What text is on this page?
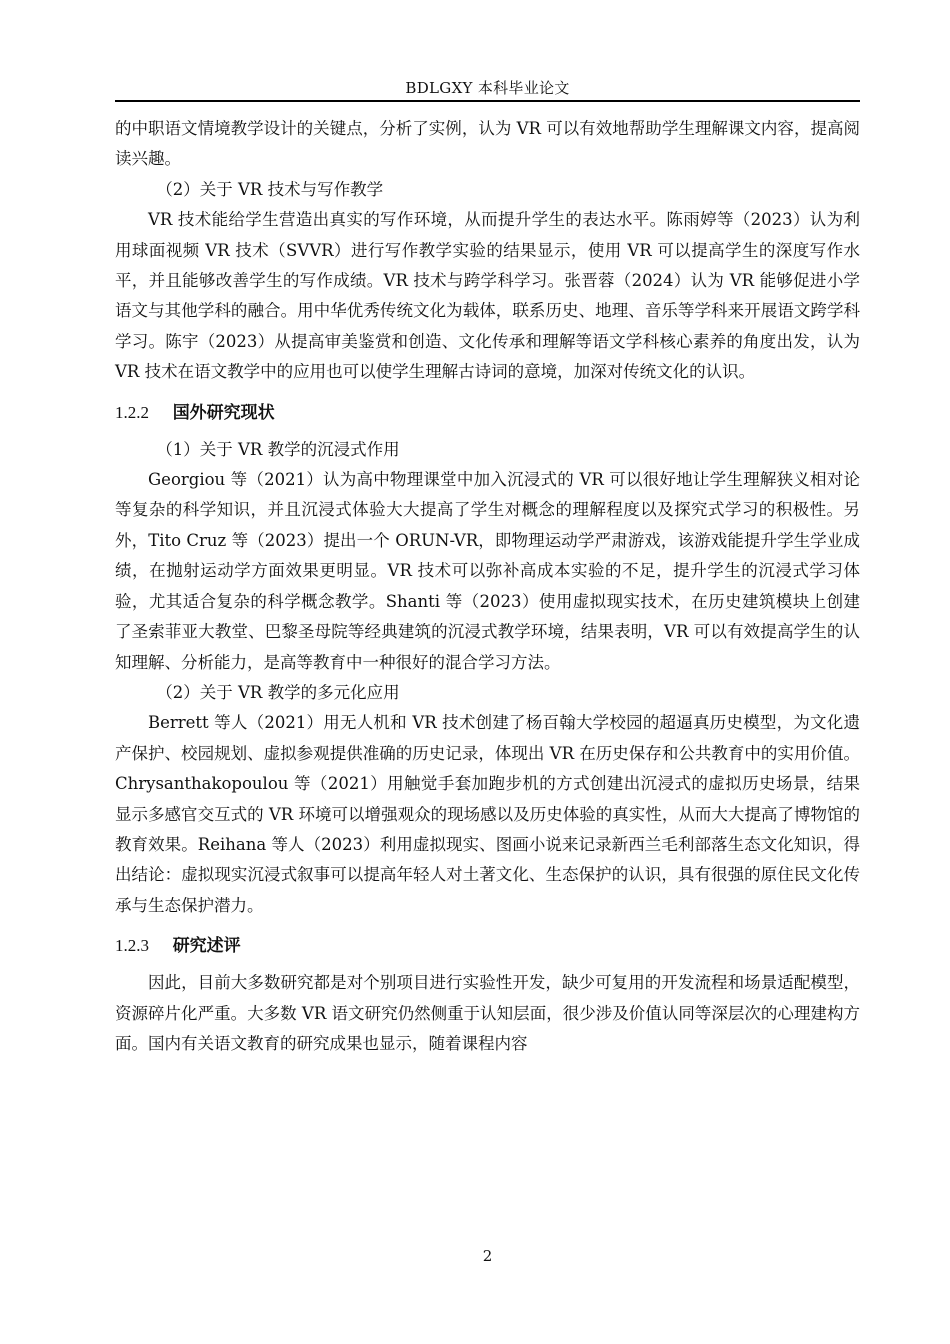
BDLGXY 本科毕业论文

的中职语文情境教学设计的关键点，分析了实例，认为 VR 可以有效地帮助学生理解课文内容，提高阅读兴趣。

（2）关于 VR 技术与写作教学

VR 技术能给学生营造出真实的写作环境，从而提升学生的表达水平。陈雨婷等（2023）认为利用球面视频 VR 技术（SVVR）进行写作教学实验的结果显示，使用 VR 可以提高学生的深度写作水平，并且能够改善学生的写作成绩。VR 技术与跨学科学习。张晋蓉（2024）认为 VR 能够促进小学语文与其他学科的融合。用中华优秀传统文化为载体，联系历史、地理、音乐等学科来开展语文跨学科学习。陈宇（2023）从提高审美鉴赏和创造、文化传承和理解等语文学科核心素养的角度出发，认为 VR 技术在语文教学中的应用也可以使学生理解古诗词的意境，加深对传统文化的认识。

1.2.2 国外研究现状

（1）关于 VR 教学的沉浸式作用

Georgiou 等（2021）认为高中物理课堂中加入沉浸式的 VR 可以很好地让学生理解狭义相对论等复杂的科学知识，并且沉浸式体验大大提高了学生对概念的理解程度以及探究式学习的积极性。另外，Tito Cruz 等（2023）提出一个 ORUN-VR，即物理运动学严肃游戏，该游戏能提升学生学业成绩，在抛射运动学方面效果更明显。VR 技术可以弥补高成本实验的不足，提升学生的沉浸式学习体验，尤其适合复杂的科学概念教学。Shanti 等（2023）使用虚拟现实技术，在历史建筑模块上创建了圣索菲亚大教堂、巴黎圣母院等经典建筑的沉浸式教学环境，结果表明，VR 可以有效提高学生的认知理解、分析能力，是高等教育中一种很好的混合学习方法。

（2）关于 VR 教学的多元化应用

Berrett 等人（2021）用无人机和 VR 技术创建了杨百翰大学校园的超逼真历史模型，为文化遗产保护、校园规划、虚拟参观提供准确的历史记录，体现出 VR 在历史保存和公共教育中的实用价值。Chrysanthakopoulou 等（2021）用触觉手套加跑步机的方式创建出沉浸式的虚拟历史场景，结果显示多感官交互式的 VR 环境可以增强观众的现场感以及历史体验的真实性，从而大大提高了博物馆的教育效果。Reihana 等人（2023）利用虚拟现实、图画小说来记录新西兰毛利部落生态文化知识，得出结论：虚拟现实沉浸式叙事可以提高年轻人对土著文化、生态保护的认识，具有很强的原住民文化传承与生态保护潜力。

1.2.3 研究述评

因此，目前大多数研究都是对个别项目进行实验性开发，缺少可复用的开发流程和场景适配模型，资源碎片化严重。大多数 VR 语文研究仍然侧重于认知层面，很少涉及价值认同等深层次的心理建构方面。国内有关语文教育的研究成果也显示，随着课程内容

2
